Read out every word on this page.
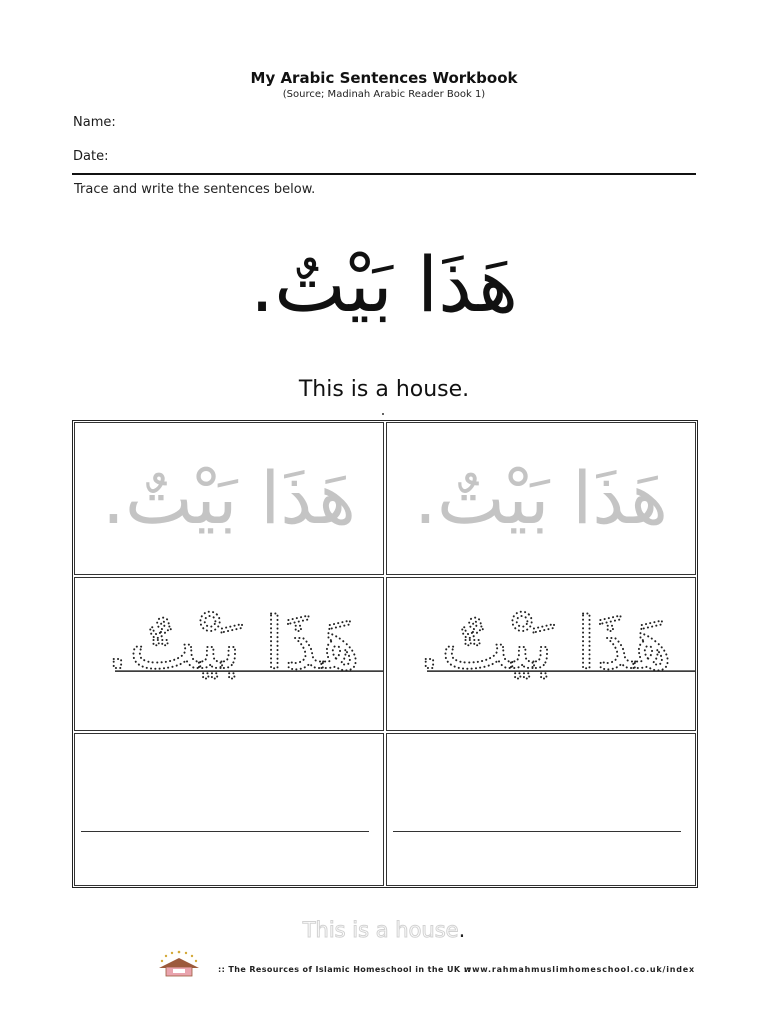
My Arabic Sentences Workbook
(Source; Madinah Arabic Reader Book 1)
Name:
Date:
Trace and write the sentences below.
هَذَا بَيْتٌ.
This is a house.
هَذَا بَيْتٌ. هَذَا بَيْتٌ.
هَذَا بَيْتٌ. هَذَا بَيْتٌ.
This is a house.
:: The Resources of Islamic Homeschool in the UK ::
www.rahmahmuslimhomeschool.co.uk/index
